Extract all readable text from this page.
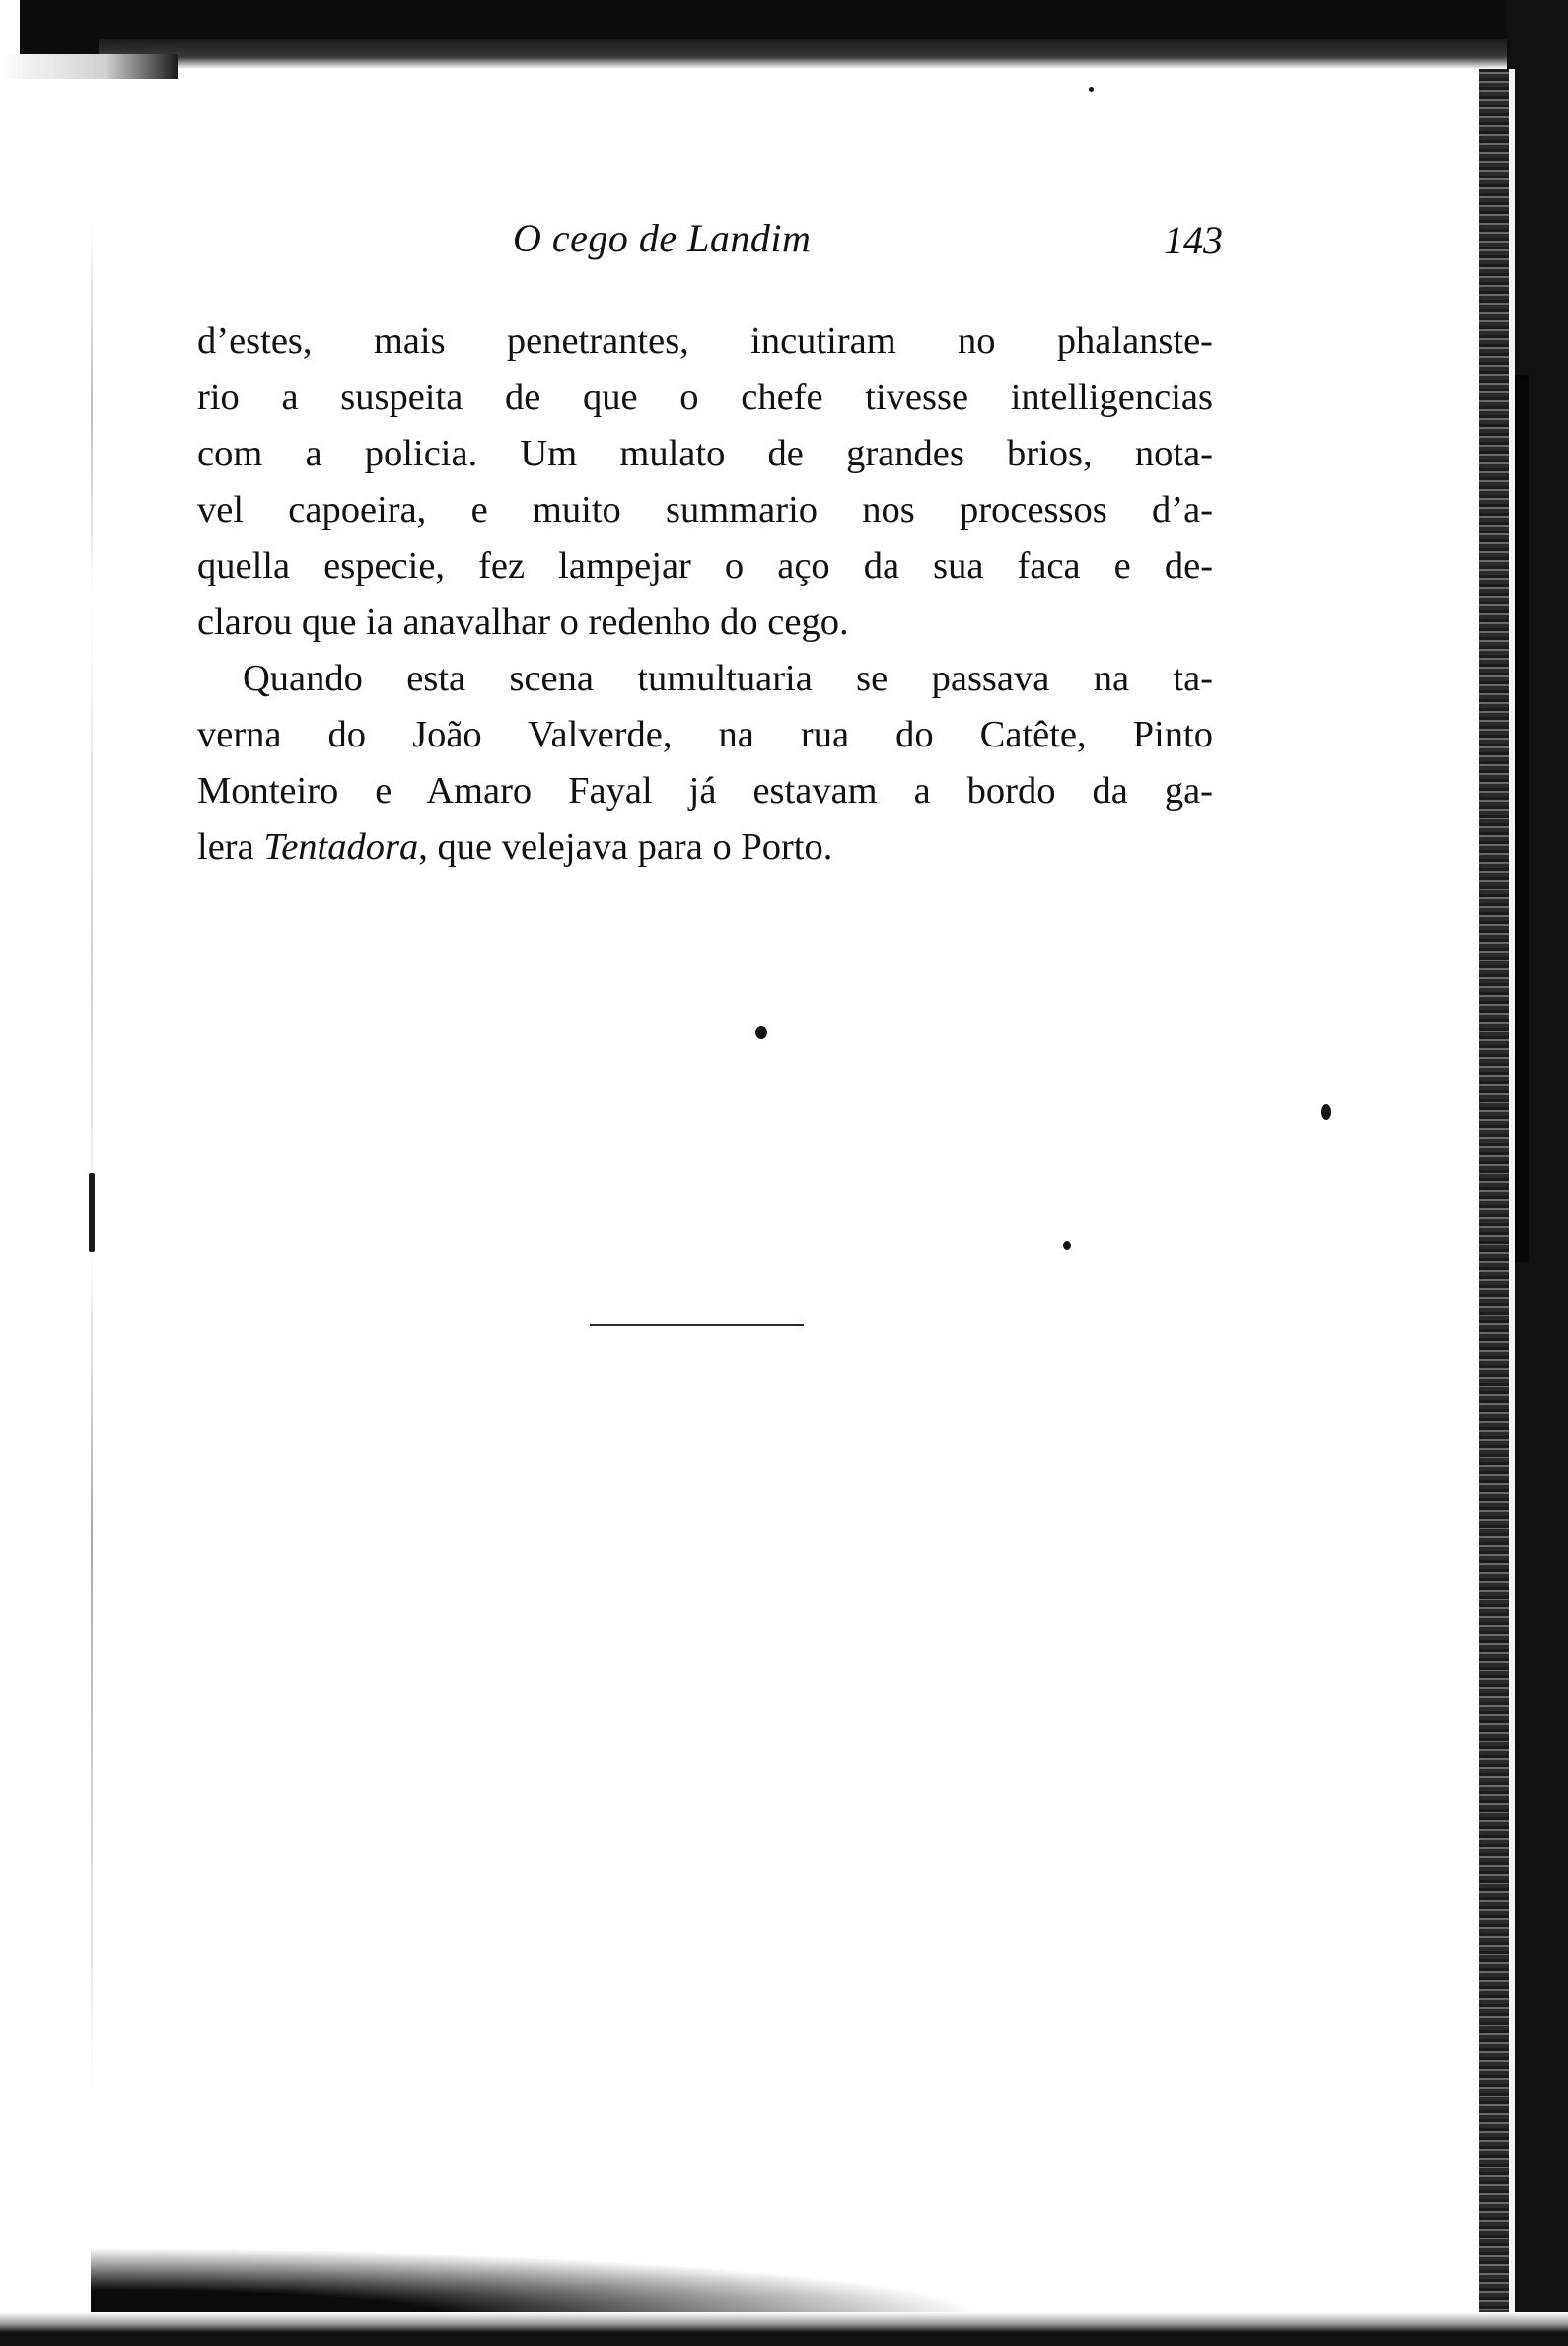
O cego de Landim	143
d’estes, mais penetrantes, incutiram no phalanste-
rio a suspeita de que o chefe tivesse intelligencias
com a policia. Um mulato de grandes brios, nota-
vel capoeira, e muito summario nos processos d’a-
quella especie, fez lampejar o aço da sua faca e de-
clarou que ia anavalhar o redenho do cego.
Quando esta scena tumultuaria se passava na ta-
verna do João Valverde, na rua do Catête, Pinto
Monteiro e Amaro Fayal já estavam a bordo da ga-
lera Tentadora, que velejava para o Porto.
